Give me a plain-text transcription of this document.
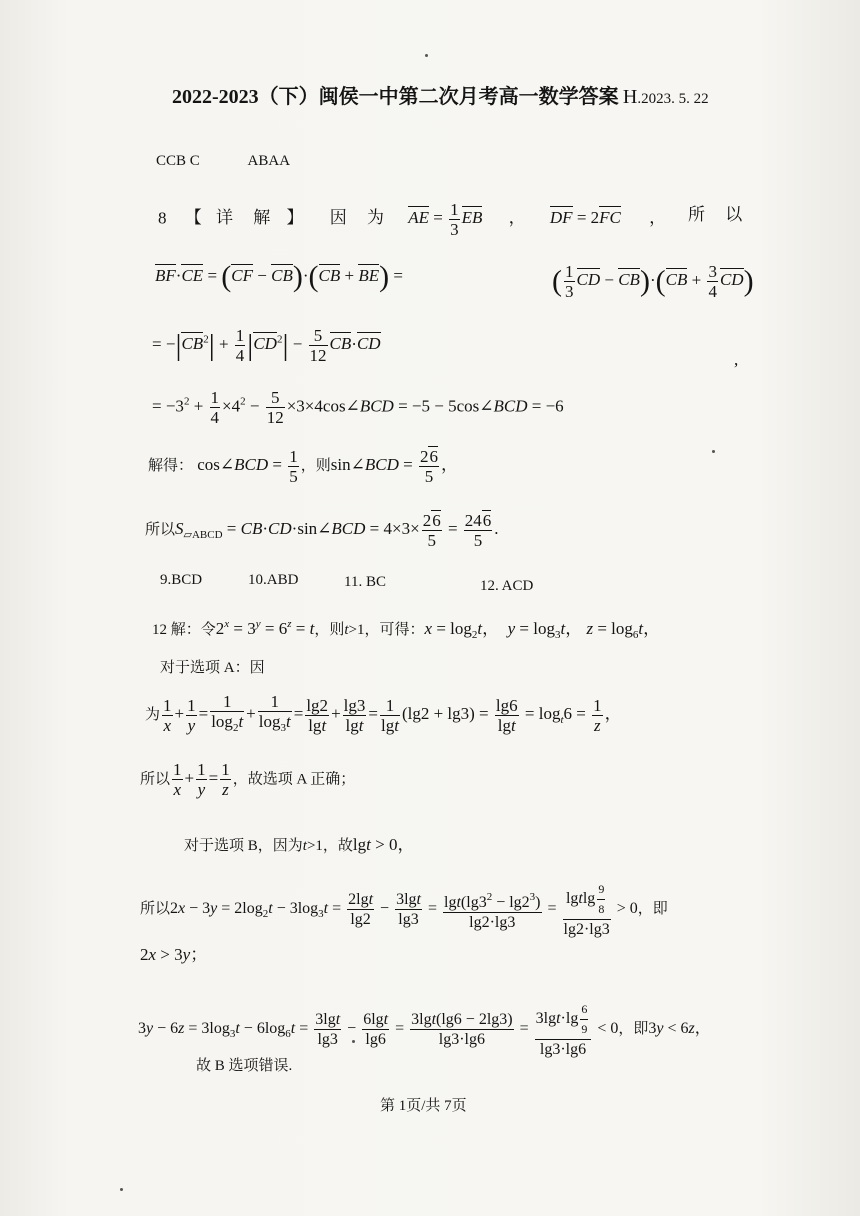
2022-2023（下）闽侯一中第二次月考高一数学答案 H.2023. 5. 22
CCB C	ABAA
8 【 详 解 】 因 为 AE = $\frac{1}{3}$ EB ， DF = 2FC ， 所 以
BF·CE = (CF − CB)·(CB + BE) =	( $\frac{1}{3}$ CD − $CB)\cdot(CB + \frac{3}{4} CD)$
= $-|CB^2| + \frac{1}{4} |CD^2| - \frac{5}{12} CB\cdot CD$
,
= $-3^2 + \frac{1}{4} \times 4^2 - \frac{5}{12}$ ×3×4cos∠BCD = −5 − 5cos∠BCD = −6
解得： cos∠BCD = $\frac{1}{5}$ ，则sin∠BCD = $\frac{26}{5}$ ，
所以$S_{▱ABCD}$ = CB·CD·sin∠BCD = $4\times 3\times \frac{26}{5} = \frac{246}{5}$ .
9.BCD	10.ABD	11. BC	12. ACD
12 解：令$2^x = 3^y = 6^z = t$，则t>1，可得：$x = \log_2t$，  $y = \log_3t$， $z = \log_6t$，
对于选项 A：因
为 $\frac{1}{x} + \frac{1}{y} = \frac{1}{\log_2t} + \frac{1}{\log_3t} = \frac{\lg 2}{\lg t} + \frac{\lg 3}{\lg t} = \frac{1}{\lg t} (\lg 2 + \lg 3) = \frac{\lg 6}{\lg t} = \log_t6 = \frac{1}{z}$ ，
所以 $\frac{1}{x} + \frac{1}{y} = \frac{1}{z}$ ，故选项 A 正确；
对于选项 B，因为t>1，故lgt > 0，
所以$2x - 3y = 2\log_2t - 3\log_3t = \frac{2\lg t}{\lg 2} - \frac{3\lg t}{\lg 3} = \frac{\lg t(\lg 3^2 - \lg 2^3)}{\lg 2\cdot\lg 3} = \frac{lgtlg \frac{9}{8}}{\lg 2\cdot\lg 3} > 0$，即
2x > 3y；
$3y - 6z = 3\log_3t - 6\log_6t = \frac{3\lg t}{\lg 3} - \frac{6\lg t}{\lg 6} = \frac{3\lg t(\lg 6 - 2\lg 3)}{\lg 3\cdot\lg 6} = \frac{3\lg t\cdot\lg \frac{6}{9}}{\lg 3\cdot\lg 6} < 0$，即3y < 6z，
故 B 选项错误.
第 1页/共 7页
